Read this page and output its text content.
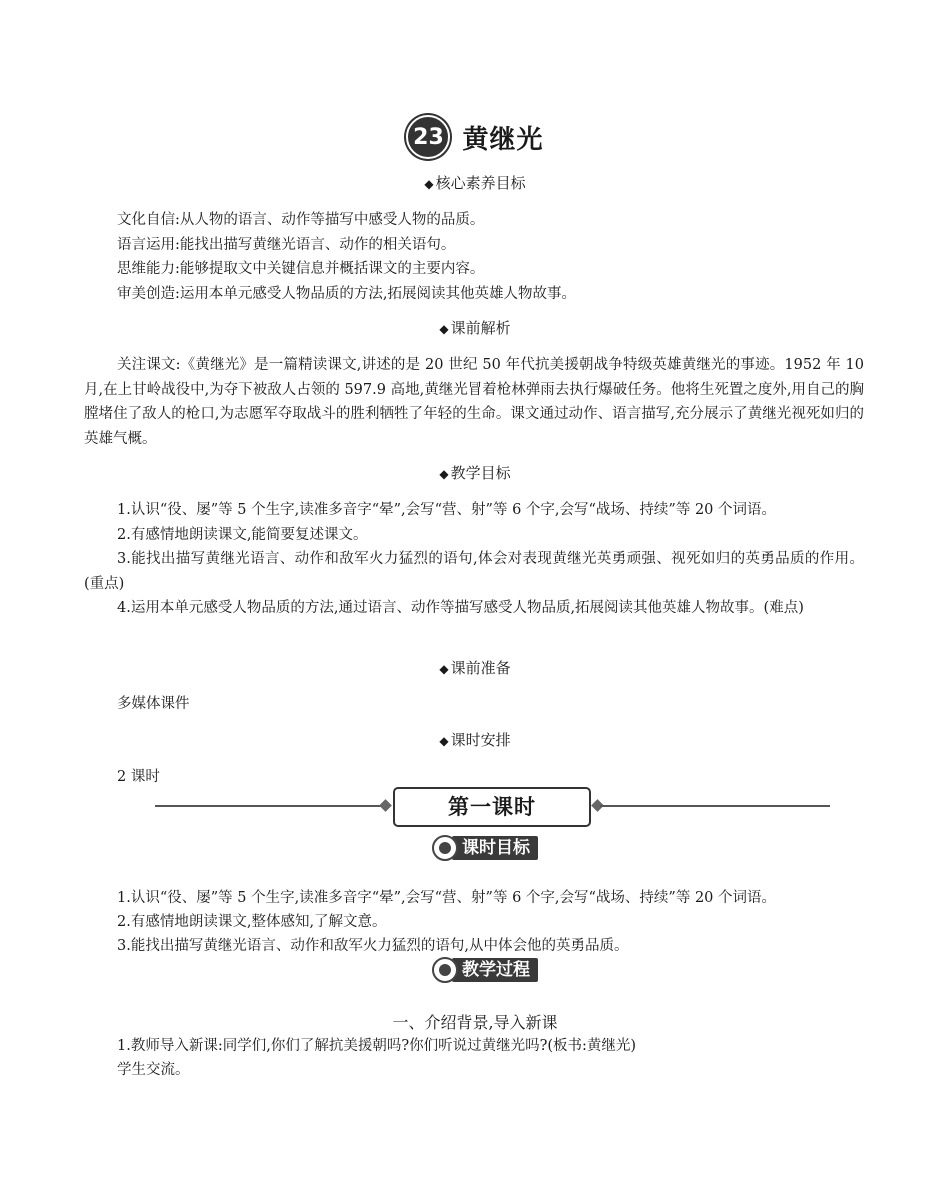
23 黄继光
◆ 核心素养目标
文化自信:从人物的语言、动作等描写中感受人物的品质。
语言运用:能找出描写黄继光语言、动作的相关语句。
思维能力:能够提取文中关键信息并概括课文的主要内容。
审美创造:运用本单元感受人物品质的方法,拓展阅读其他英雄人物故事。
◆ 课前解析

关注课文:《黄继光》是一篇精读课文,讲述的是 20 世纪 50 年代抗美援朝战争特级英雄黄继光的事迹。1952 年 10 月,在上甘岭战役中,为夺下被敌人占领的 597.9 高地,黄继光冒着枪林弹雨去执行爆破任务。他将生死置之度外,用自己的胸膛堵住了敌人的枪口,为志愿军夺取战斗的胜利牺牲了年轻的生命。课文通过动作、语言描写,充分展示了黄继光视死如归的英雄气概。

◆ 教学目标

1.认识“役、屡”等 5 个生字,读准多音字“晕”,会写“营、射”等 6 个字,会写“战场、持续”等 20 个词语。

2.有感情地朗读课文,能简要复述课文。

3.能找出描写黄继光语言、动作和敌军火力猛烈的语句,体会对表现黄继光英勇顽强、视死如归的英勇品质的作用。(重点)

4.运用本单元感受人物品质的方法,通过语言、动作等描写感受人物品质,拓展阅读其他英雄人物故事。(难点)

◆ 课前准备
多媒体课件
◆ 课时安排
2 课时
第一课时
课时目标
1.认识“役、屡”等 5 个生字,读准多音字“晕”,会写“营、射”等 6 个字,会写“战场、持续”等 20 个词语。
2.有感情地朗读课文,整体感知,了解文意。
3.能找出描写黄继光语言、动作和敌军火力猛烈的语句,从中体会他的英勇品质。
教学过程
一、介绍背景,导入新课
1.教师导入新课:同学们,你们了解抗美援朝吗?你们听说过黄继光吗?(板书:黄继光)
学生交流。
